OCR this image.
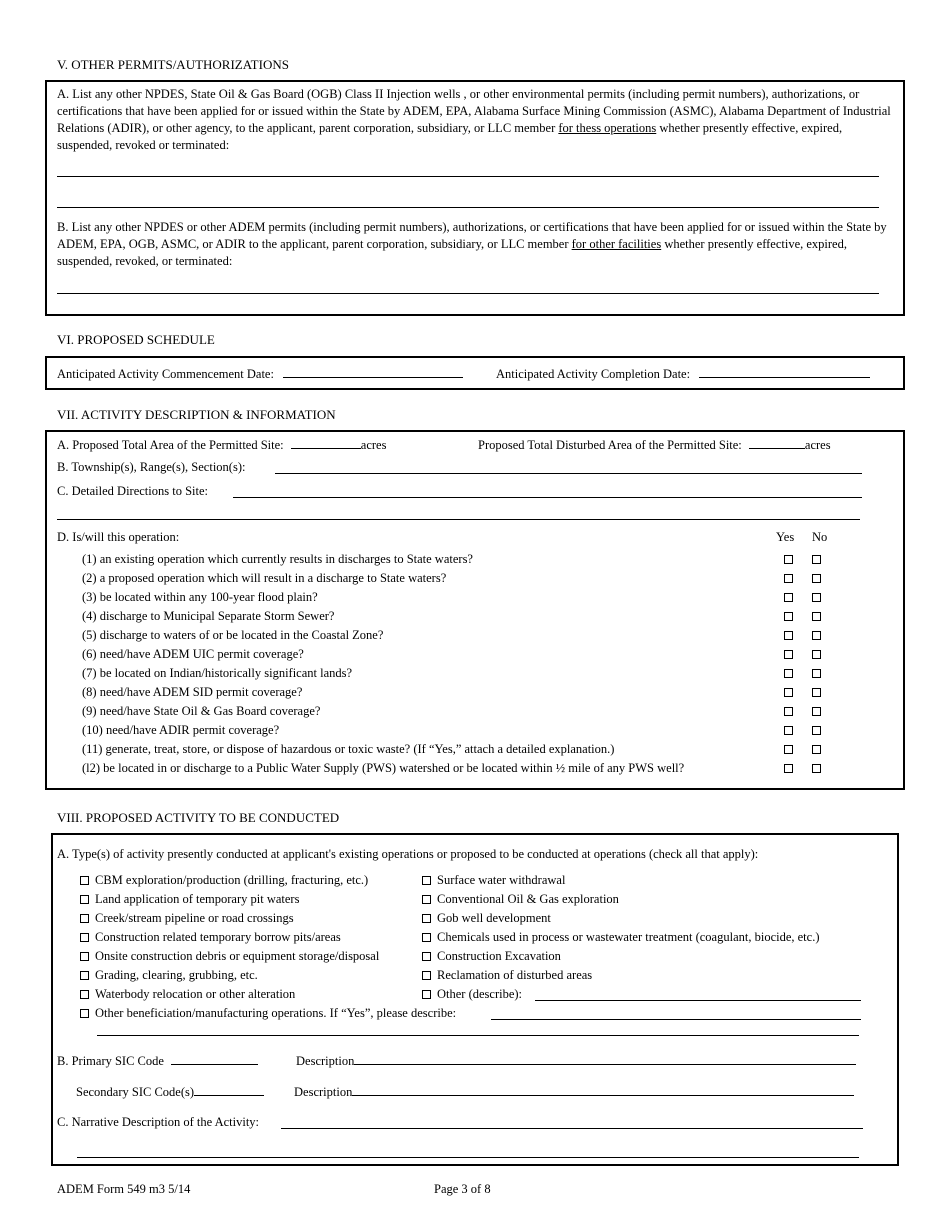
V. OTHER PERMITS/AUTHORIZATIONS

A. List any other NPDES, State Oil & Gas Board (OGB) Class II Injection wells , or other environmental permits (including permit numbers), authorizations, or certifications that have been applied for or issued within the State by ADEM, EPA, Alabama Surface Mining Commission (ASMC), Alabama Department of Industrial Relations (ADIR), or other agency, to the applicant, parent corporation, subsidiary, or LLC member for thess operations whether presently effective, expired, suspended, revoked or terminated:

B. List any other NPDES or other ADEM permits (including permit numbers), authorizations, or certifications that have been applied for or issued within the State by ADEM, EPA, OGB, ASMC, or ADIR to the applicant, parent corporation, subsidiary, or LLC member for other facilities whether presently effective, expired, suspended, revoked, or terminated:

VI. PROPOSED SCHEDULE
Anticipated Activity Commencement Date:	Anticipated Activity Completion Date:
VII. ACTIVITY DESCRIPTION & INFORMATION
A. Proposed Total Area of the Permitted Site:	acres	Proposed Total Disturbed Area of the Permitted Site:	acres
B. Township(s), Range(s), Section(s):
C. Detailed Directions to Site:
D. Is/will this operation:	Yes No
(1) an existing operation which currently results in discharges to State waters?
(2) a proposed operation which will result in a discharge to State waters?
(3) be located within any 100-year flood plain?
(4) discharge to Municipal Separate Storm Sewer?
(5) discharge to waters of or be located in the Coastal Zone?
(6) need/have ADEM UIC permit coverage?
(7) be located on Indian/historically significant lands?
(8) need/have ADEM SID permit coverage?
(9) need/have State Oil & Gas Board coverage?
(10) need/have ADIR permit coverage?
(11) generate, treat, store, or dispose of hazardous or toxic waste? (If “Yes,” attach a detailed explanation.)
(l2) be located in or discharge to a Public Water Supply (PWS) watershed or be located within ½ mile of any PWS well?
VIII. PROPOSED ACTIVITY TO BE CONDUCTED
A. Type(s) of activity presently conducted at applicant's existing operations or proposed to be conducted at operations (check all that apply):
CBM exploration/production (drilling, fracturing, etc.)
Land application of temporary pit waters
Creek/stream pipeline or road crossings
Construction related temporary borrow pits/areas
Onsite construction debris or equipment storage/disposal
Grading, clearing, grubbing, etc.
Waterbody relocation or other alteration
Surface water withdrawal
Conventional Oil & Gas exploration
Gob well development
Chemicals used in process or wastewater treatment (coagulant, biocide, etc.)
Construction Excavation
Reclamation of disturbed areas
Other (describe):
Other beneficiation/manufacturing operations. If “Yes”, please describe:
B. Primary SIC Code	Description
Secondary SIC Code(s)	Description
C. Narrative Description of the Activity:
ADEM Form 549 m3 5/14	Page 3 of 8
